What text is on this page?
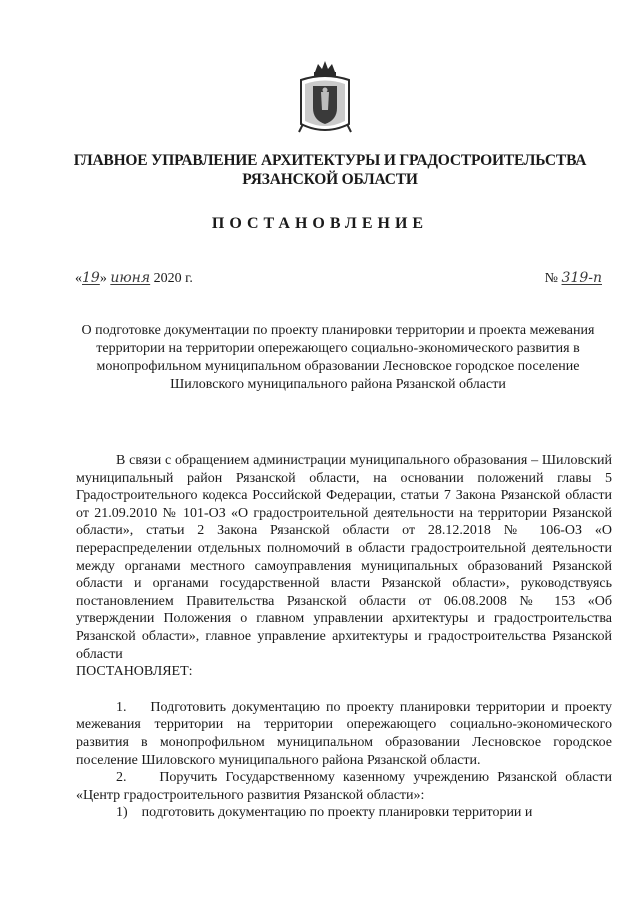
ГЛАВНОЕ УПРАВЛЕНИЕ АРХИТЕКТУРЫ И ГРАДОСТРОИТЕЛЬСТВА
РЯЗАНСКОЙ ОБЛАСТИ
ПОСТАНОВЛЕНИЕ
«19» июня 2020 г.	№ 319-п
О подготовке документации по проекту планировки территории и проекта межевания территории на территории опережающего социально-экономического развития в монопрофильном муниципальном образовании Лесновское городское поселение Шиловского муниципального района Рязанской области

В связи с обращением администрации муниципального образования – Шиловский муниципальный район Рязанской области, на основании положений главы 5 Градостроительного кодекса Российской Федерации, статьи 7 Закона Рязанской области от 21.09.2010 № 101-ОЗ «О градостроительной деятельности на территории Рязанской области», статьи 2 Закона Рязанской области от 28.12.2018 № 106-ОЗ «О перераспределении отдельных полномочий в области градостроительной деятельности между органами местного самоуправления муниципальных образований Рязанской области и органами государственной власти Рязанской области», руководствуясь постановлением Правительства Рязанской области от 06.08.2008 № 153 «Об утверждении Положения о главном управлении архитектуры и градостроительства Рязанской области», главное управление архитектуры и градостроительства Рязанской области

ПОСТАНОВЛЯЕТ:

1. Подготовить документацию по проекту планировки территории и проекту межевания территории на территории опережающего социально-экономического развития в монопрофильном муниципальном образовании Лесновское городское поселение Шиловского муниципального района Рязанской области.

2. Поручить Государственному казенному учреждению Рязанской области «Центр градостроительного развития Рязанской области»:

1) подготовить документацию по проекту планировки территории и
